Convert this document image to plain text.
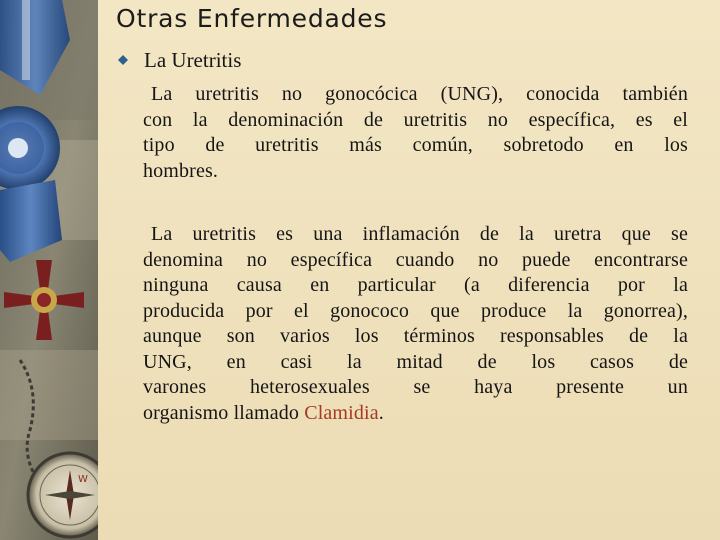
W
Otras Enfermedades
La Uretritis
La uretritis no gonocócica (UNG), conocida también
con la denominación de uretritis no específica, es el
tipo de uretritis más común, sobretodo en los
hombres.
La uretritis es una inflamación de la uretra que se
denomina no específica cuando no puede encontrarse
ninguna causa en particular (a diferencia por la
producida por el gonococo que produce la gonorrea),
aunque son varios los términos responsables de la
UNG, en casi la mitad de los casos de
varones heterosexuales se haya presente un
organismo llamado Clamidia.
